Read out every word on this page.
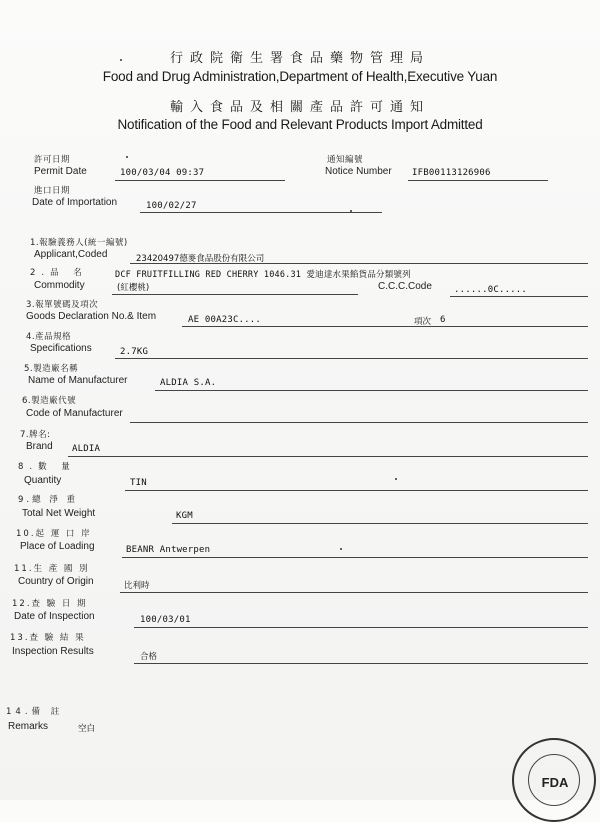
行政院衛生署食品藥物管理局
Food and Drug Administration,Department of Health,Executive Yuan
輸入食品及相關產品許可通知
Notification of the Food and Relevant Products Import Admitted
許可日期
Permit Date	100/03/04 09:37
通知編號
Notice Number IFB00113126906
進口日期
Date of Importation	100/02/27
1.報驗義務人(統一編號)
Applicant,Coded	23420497德麥食品股份有限公司
2.品 名	DCF FRUITFILLING RED CHERRY 1046.31 愛迪達水果餡貨品分類號列
Commodity	(紅櫻桃)	C.C.C.Code ......0C.....
3.報單號碼及項次
Goods Declaration No.& Item	AE 00A23C....	項次 6
4.產品規格
Specifications	2.7KG
5.製造廠名稱
Name of Manufacturer	ALDIA S.A.
6.製造廠代號
Code of Manufacturer
7.牌名:
Brand ALDIA
8.數 量
Quantity	TIN
9.總 淨 重
Total Net Weight	KGM
10.起 運 口 岸
Place of Loading	BEANR Antwerpen
11.生 產 國 別
Country of Origin	比利時
12.查 驗 日 期
Date of Inspection	100/03/01
13.查 驗 結 果
Inspection Results	合格
14.備 註
Remarks	空白
FDA
